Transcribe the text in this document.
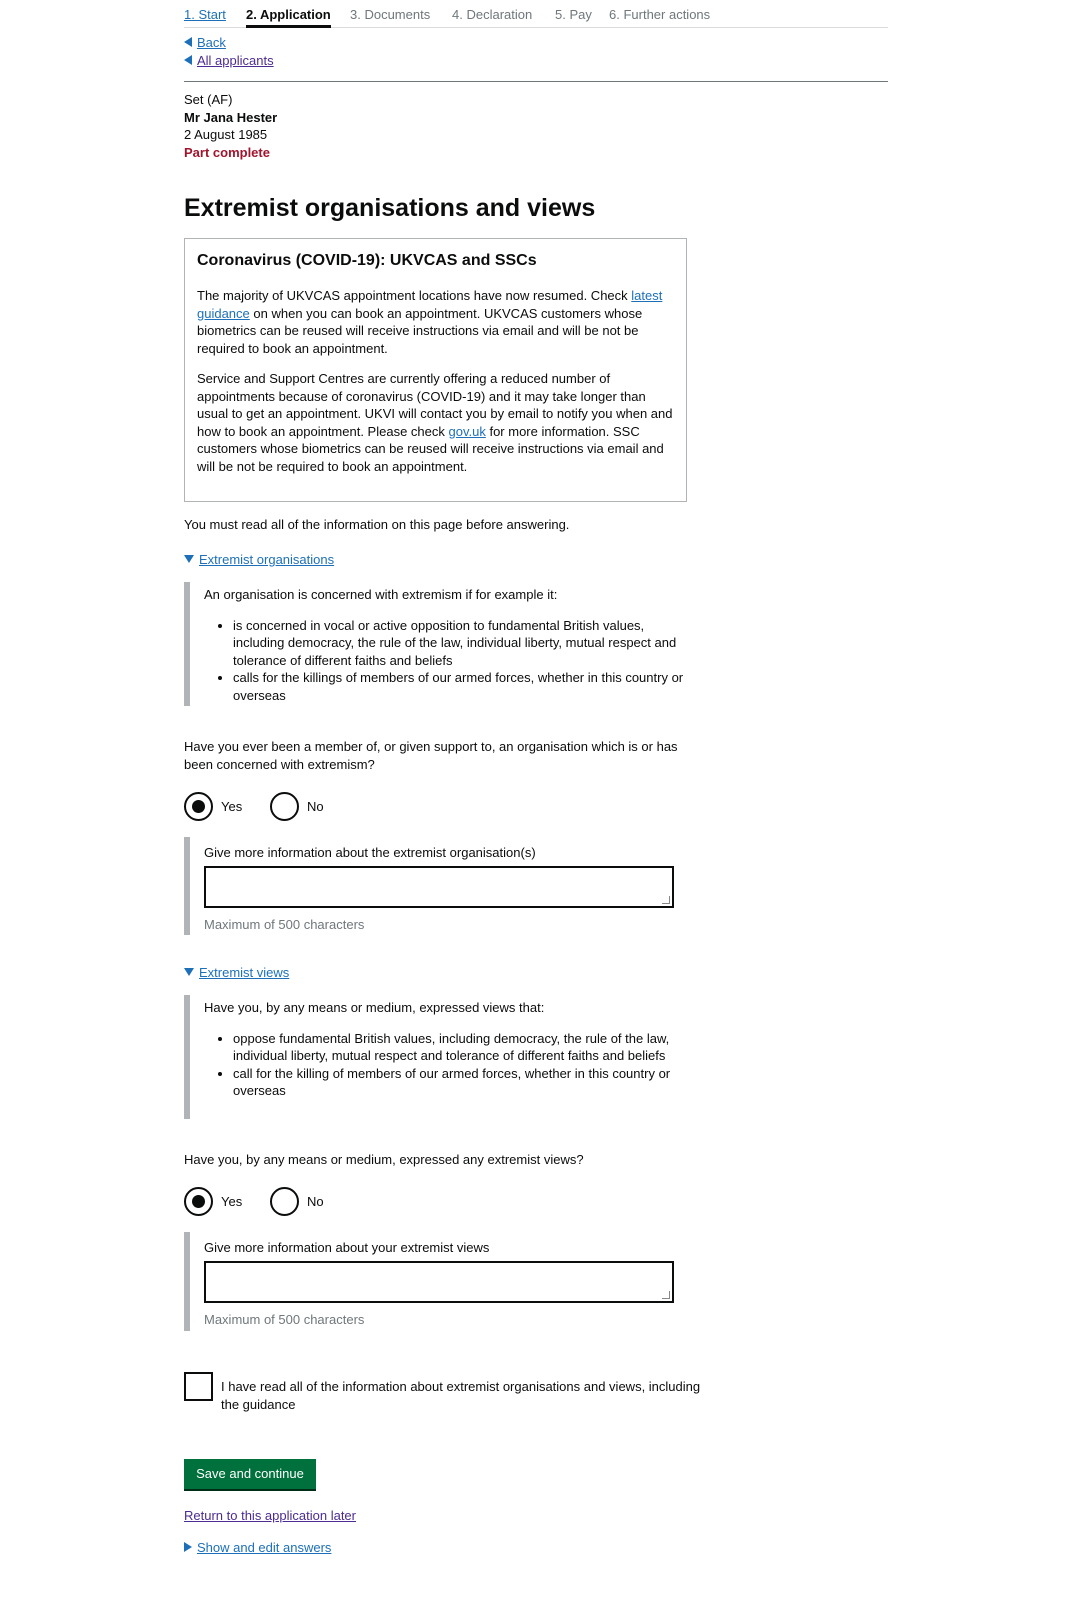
1. Start 2. Application 3. Documents 4. Declaration 5. Pay 6. Further actions
Back
All applicants
Set (AF)
Mr Jana Hester
2 August 1985
Part complete
Extremist organisations and views
Coronavirus (COVID-19): UKVCAS and SSCs

The majority of UKVCAS appointment locations have now resumed. Check latest guidance on when you can book an appointment. UKVCAS customers whose biometrics can be reused will receive instructions via email and will be not be required to book an appointment.

Service and Support Centres are currently offering a reduced number of appointments because of coronavirus (COVID-19) and it may take longer than usual to get an appointment. UKVI will contact you by email to notify you when and how to book an appointment. Please check gov.uk for more information. SSC customers whose biometrics can be reused will receive instructions via email and will be not be required to book an appointment.

You must read all of the information on this page before answering.
Extremist organisations

An organisation is concerned with extremism if for example it:

• is concerned in vocal or active opposition to fundamental British values, including democracy, the rule of the law, individual liberty, mutual respect and tolerance of different faiths and beliefs
• calls for the killings of members of our armed forces, whether in this country or overseas
Have you ever been a member of, or given support to, an organisation which is or has been concerned with extremism?
Yes	No
Give more information about the extremist organisation(s)
Maximum of 500 characters
Extremist views

Have you, by any means or medium, expressed views that:

• oppose fundamental British values, including democracy, the rule of the law, individual liberty, mutual respect and tolerance of different faiths and beliefs
• call for the killing of members of our armed forces, whether in this country or overseas
Have you, by any means or medium, expressed any extremist views?
Yes	No
Give more information about your extremist views
Maximum of 500 characters
I have read all of the information about extremist organisations and views, including the guidance
Save and continue
Return to this application later
Show and edit answers
